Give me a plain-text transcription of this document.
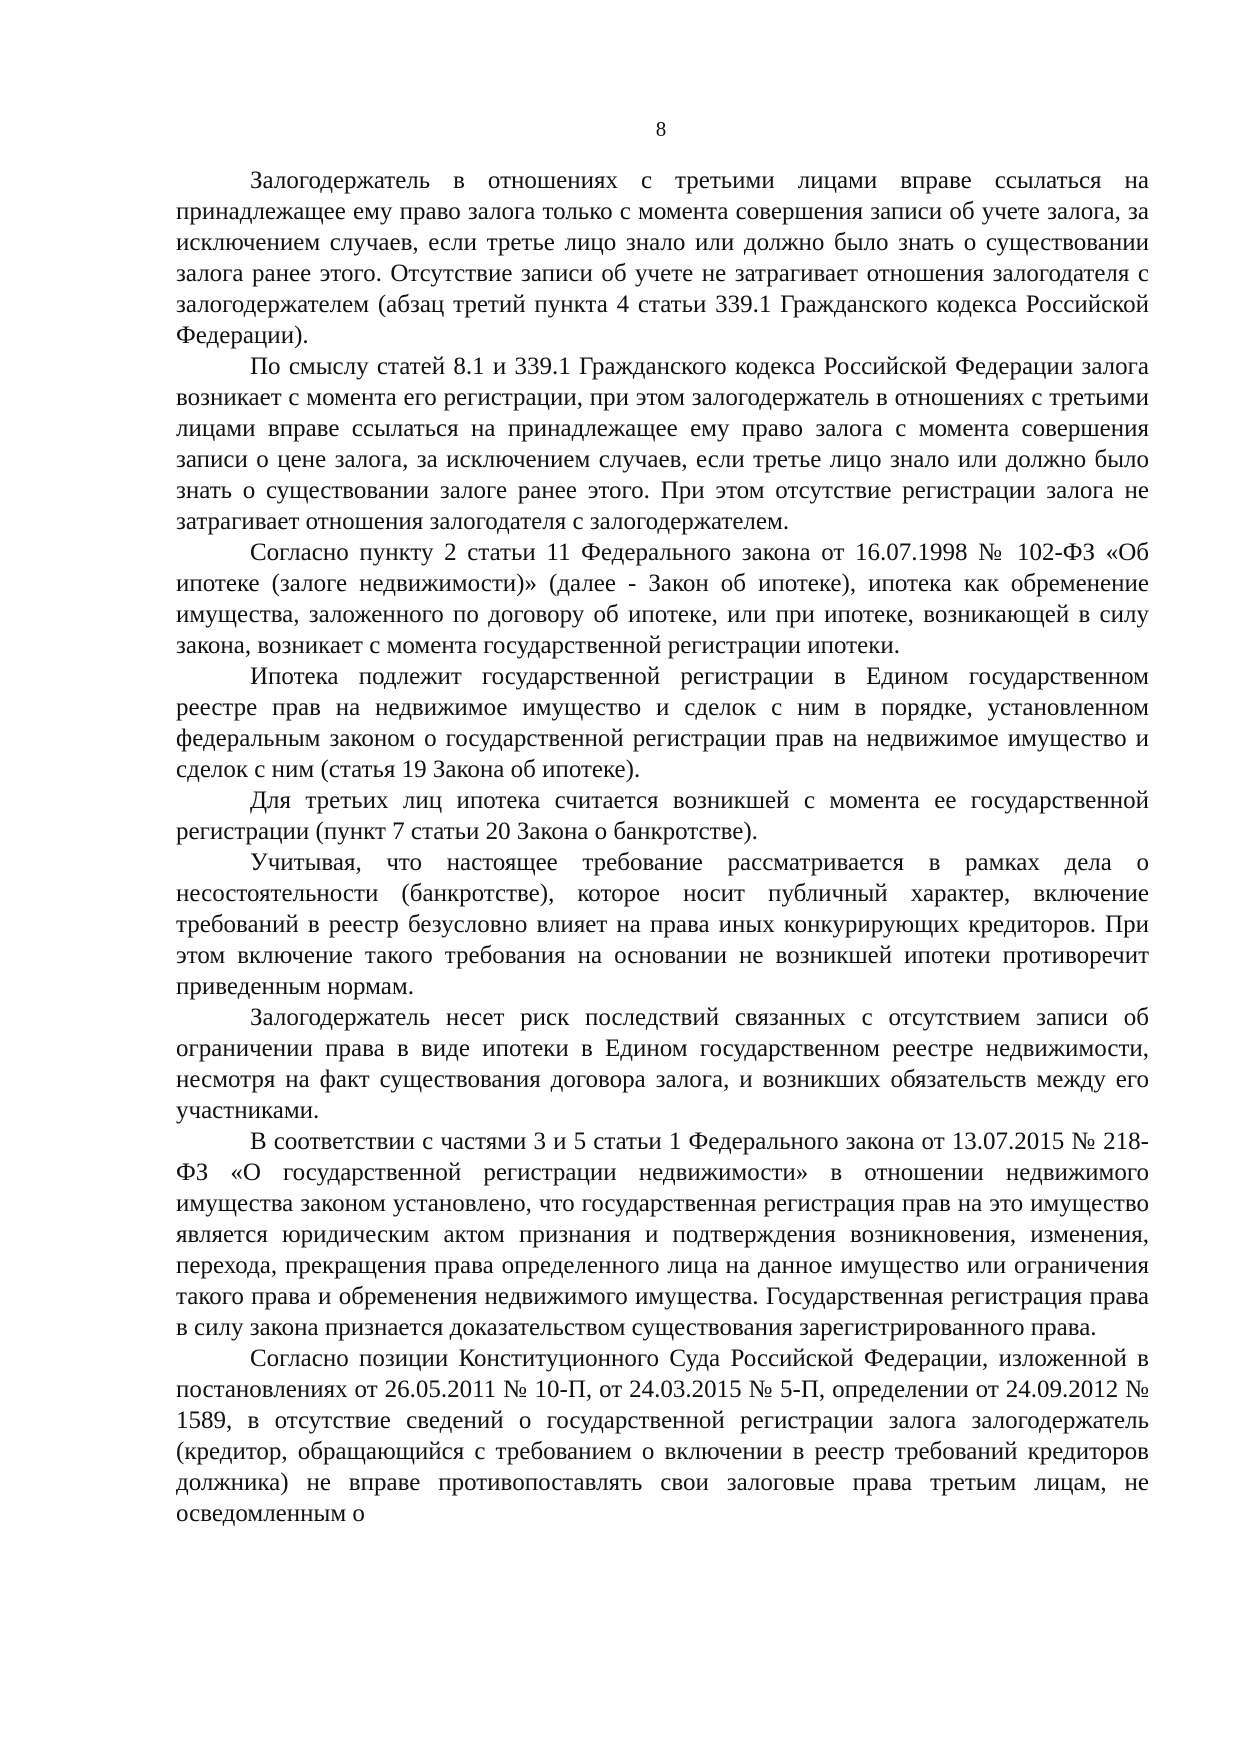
8

Залогодержатель в отношениях с третьими лицами вправе ссылаться на принадлежащее ему право залога только с момента совершения записи об учете залога, за исключением случаев, если третье лицо знало или должно было знать о существовании залога ранее этого. Отсутствие записи об учете не затрагивает отношения залогодателя с залогодержателем (абзац третий пункта 4 статьи 339.1 Гражданского кодекса Российской Федерации).

По смыслу статей 8.1 и 339.1 Гражданского кодекса Российской Федерации залога возникает с момента его регистрации, при этом залогодержатель в отношениях с третьими лицами вправе ссылаться на принадлежащее ему право залога с момента совершения записи о цене залога, за исключением случаев, если третье лицо знало или должно было знать о существовании залоге ранее этого. При этом отсутствие регистрации залога не затрагивает отношения залогодателя с залогодержателем.

Согласно пункту 2 статьи 11 Федерального закона от 16.07.1998 № 102-ФЗ «Об ипотеке (залоге недвижимости)» (далее - Закон об ипотеке), ипотека как обременение имущества, заложенного по договору об ипотеке, или при ипотеке, возникающей в силу закона, возникает с момента государственной регистрации ипотеки.

Ипотека подлежит государственной регистрации в Едином государственном реестре прав на недвижимое имущество и сделок с ним в порядке, установленном федеральным законом о государственной регистрации прав на недвижимое имущество и сделок с ним (статья 19 Закона об ипотеке).

Для третьих лиц ипотека считается возникшей с момента ее государственной регистрации (пункт 7 статьи 20 Закона о банкротстве).

Учитывая, что настоящее требование рассматривается в рамках дела о несостоятельности (банкротстве), которое носит публичный характер, включение требований в реестр безусловно влияет на права иных конкурирующих кредиторов. При этом включение такого требования на основании не возникшей ипотеки противоречит приведенным нормам.

Залогодержатель несет риск последствий связанных с отсутствием записи об ограничении права в виде ипотеки в Едином государственном реестре недвижимости, несмотря на факт существования договора залога, и возникших обязательств между его участниками.

В соответствии с частями 3 и 5 статьи 1 Федерального закона от 13.07.2015 № 218-ФЗ «О государственной регистрации недвижимости» в отношении недвижимого имущества законом установлено, что государственная регистрация прав на это имущество является юридическим актом признания и подтверждения возникновения, изменения, перехода, прекращения права определенного лица на данное имущество или ограничения такого права и обременения недвижимого имущества. Государственная регистрация права в силу закона признается доказательством существования зарегистрированного права.

Согласно позиции Конституционного Суда Российской Федерации, изложенной в постановлениях от 26.05.2011 № 10-П, от 24.03.2015 № 5-П, определении от 24.09.2012 № 1589, в отсутствие сведений о государственной регистрации залога залогодержатель (кредитор, обращающийся с требованием о включении в реестр требований кредиторов должника) не вправе противопоставлять свои залоговые права третьим лицам, не осведомленным о
